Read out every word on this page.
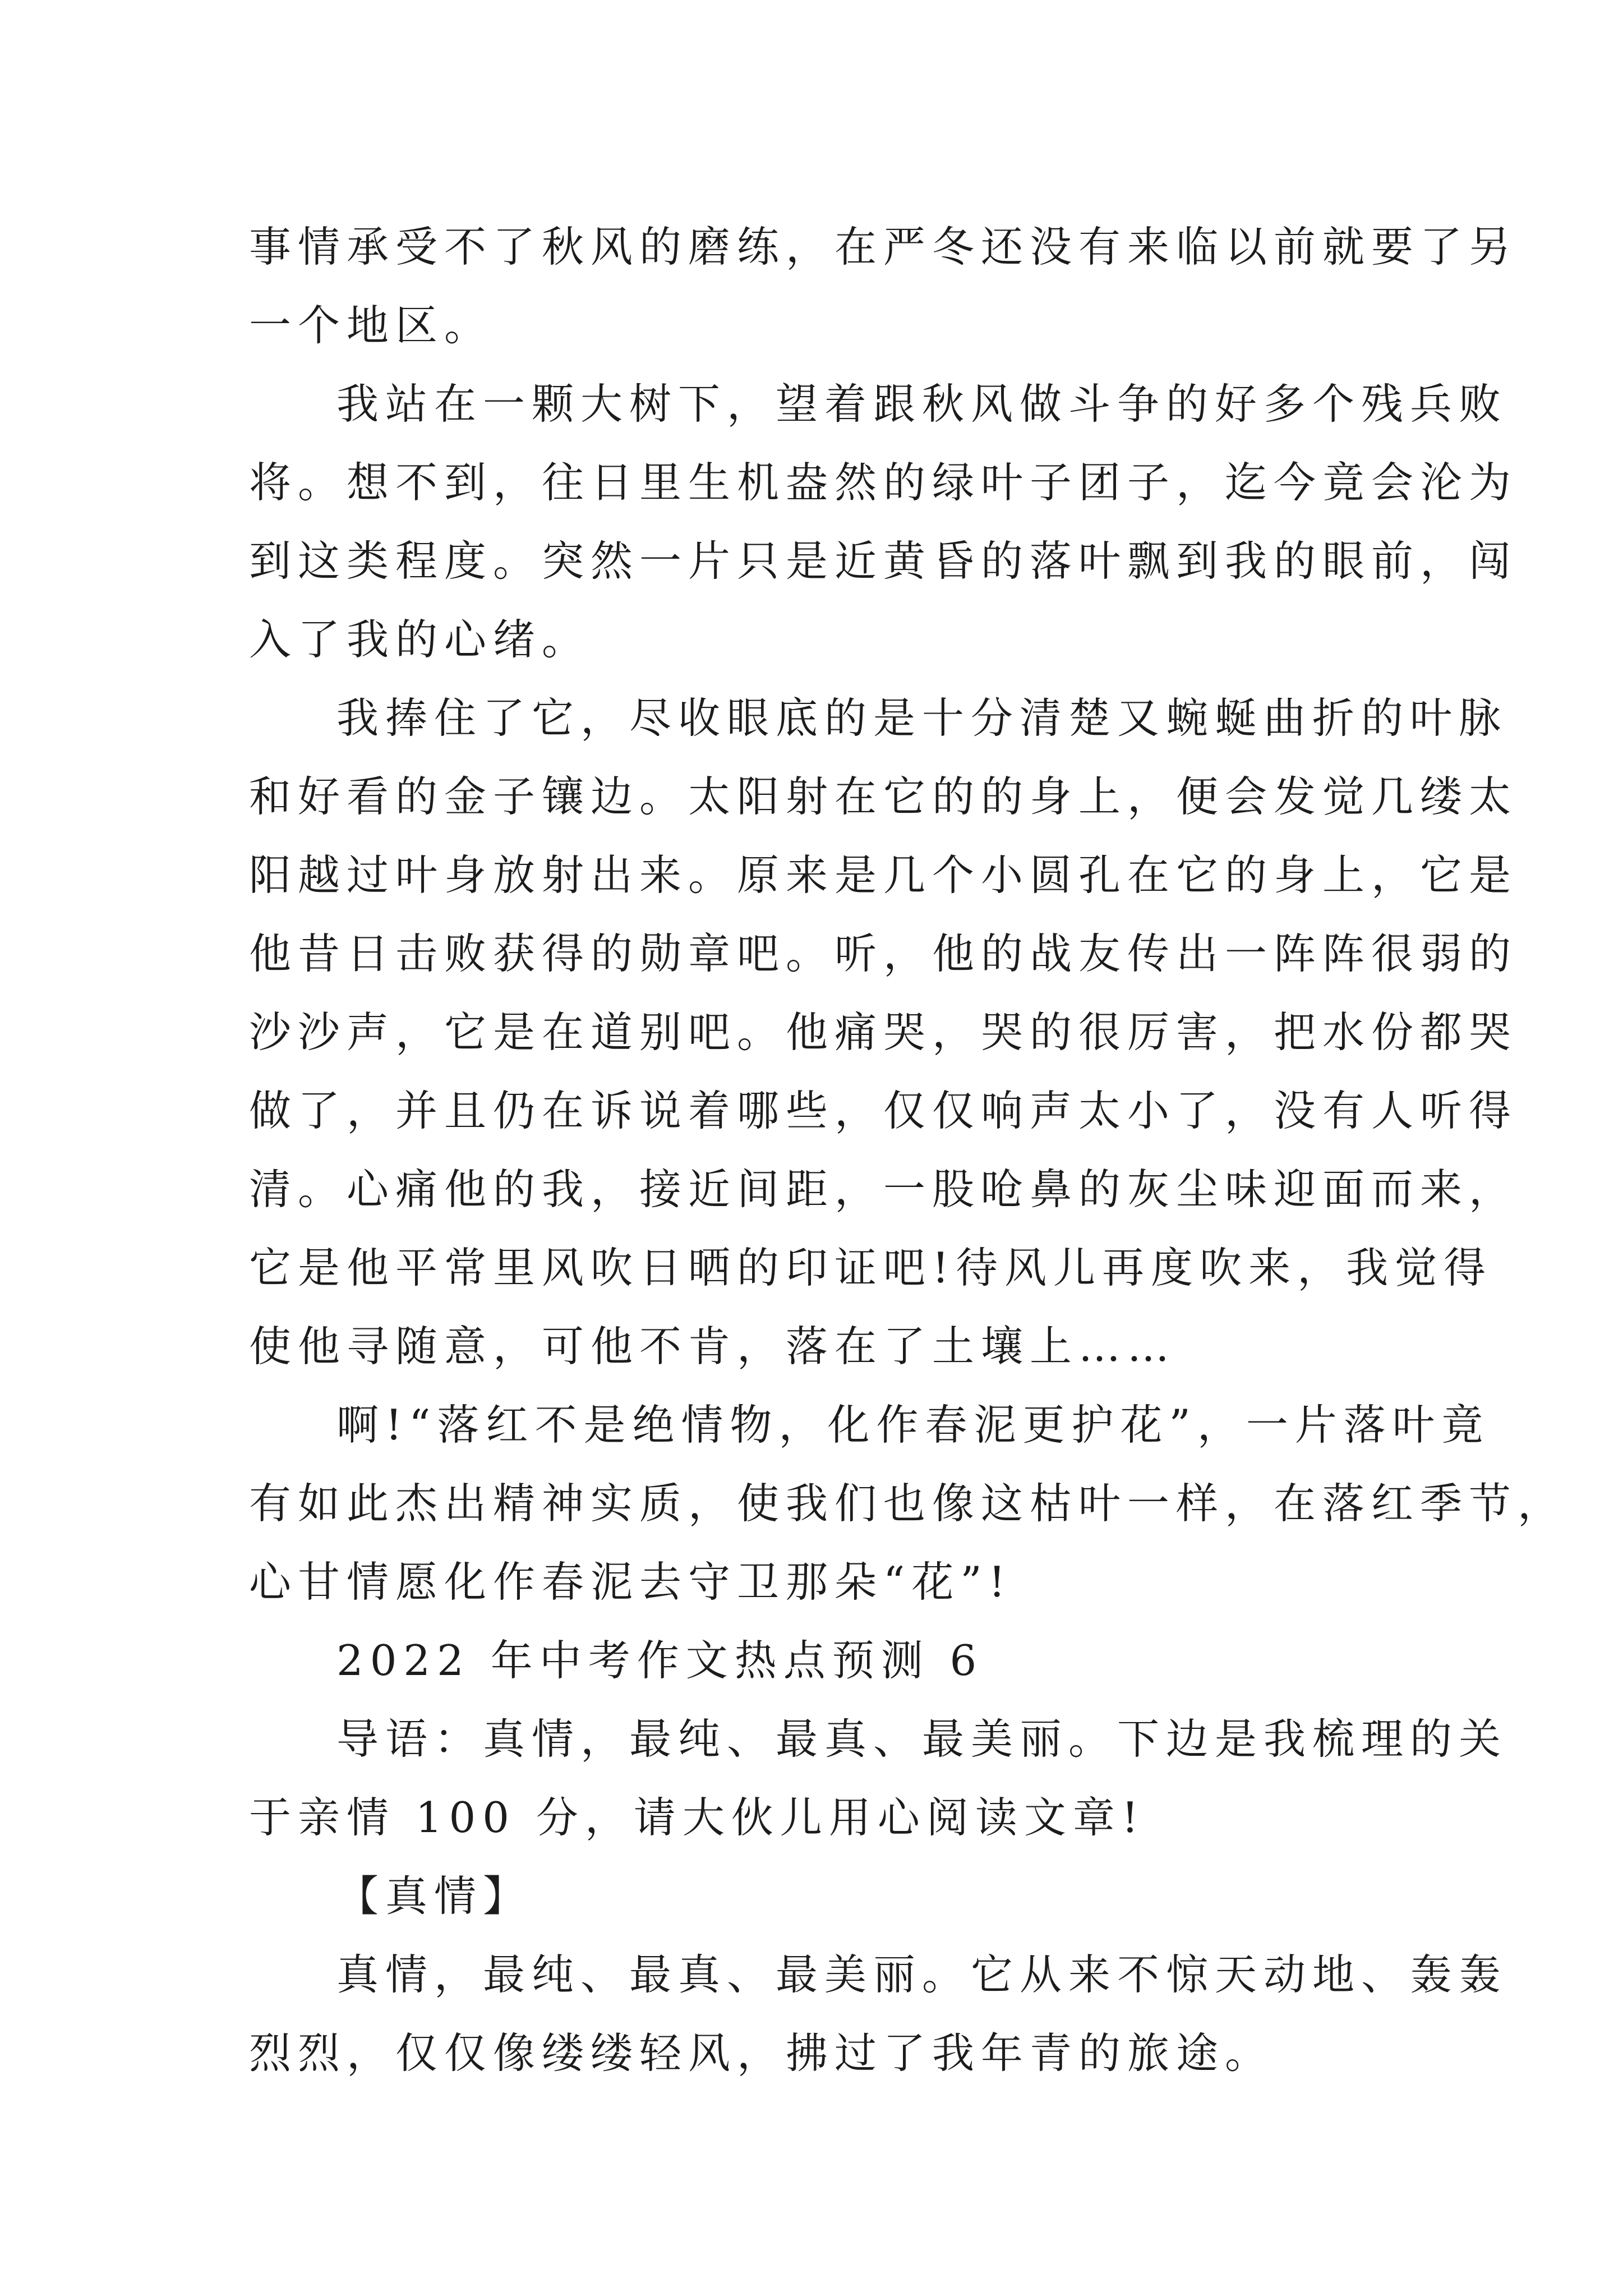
事情承受不了秋风的磨练，在严冬还没有来临以前就要了另
一个地区。
我站在一颗大树下，望着跟秋风做斗争的好多个残兵败
将。想不到，往日里生机盎然的绿叶子团子，迄今竟会沦为
到这类程度。突然一片只是近黄昏的落叶飘到我的眼前，闯
入了我的心绪。
我捧住了它，尽收眼底的是十分清楚又蜿蜒曲折的叶脉
和好看的金子镶边。太阳射在它的的身上，便会发觉几缕太
阳越过叶身放射出来。原来是几个小圆孔在它的身上，它是
他昔日击败获得的勋章吧。听，他的战友传出一阵阵很弱的
沙沙声，它是在道别吧。他痛哭，哭的很厉害，把水份都哭
做了，并且仍在诉说着哪些，仅仅响声太小了，没有人听得
清。心痛他的我，接近间距，一股呛鼻的灰尘味迎面而来，
它是他平常里风吹日晒的印证吧!待风儿再度吹来，我觉得
使他寻随意，可他不肯，落在了土壤上……
啊!“落红不是绝情物，化作春泥更护花”，一片落叶竟
有如此杰出精神实质，使我们也像这枯叶一样，在落红季节，
心甘情愿化作春泥去守卫那朵“花”!
2022 年中考作文热点预测 6
导语：真情，最纯、最真、最美丽。下边是我梳理的关
于亲情 100 分，请大伙儿用心阅读文章!
【真情】
真情，最纯、最真、最美丽。它从来不惊天动地、轰轰
烈烈，仅仅像缕缕轻风，拂过了我年青的旅途。
